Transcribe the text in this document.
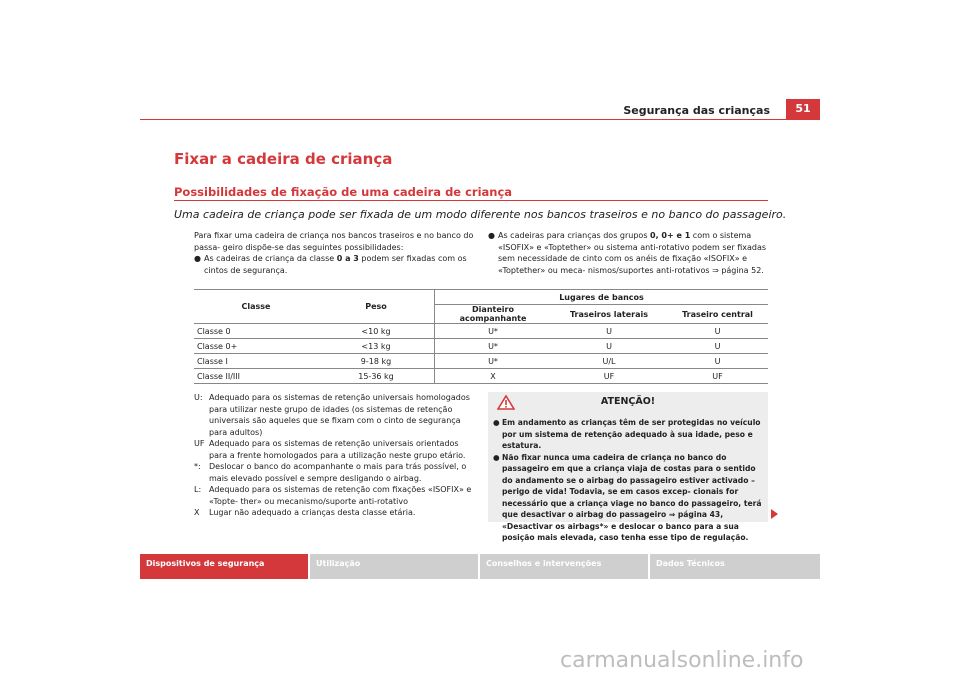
Segurança das crianças	51
Fixar a cadeira de criança
Possibilidades de fixação de uma cadeira de criança
Uma cadeira de criança pode ser fixada de um modo diferente nos bancos traseiros e no banco do passageiro.

Para fixar uma cadeira de criança nos bancos traseiros e no banco do passa- geiro dispõe-se das seguintes possibilidades:

● As cadeiras de criança da classe 0 a 3 podem ser fixadas com os cintos de segurança.
● As cadeiras para crianças dos grupos 0, 0+ e 1 com o sistema «ISOFIX» e «Toptether» ou sistema anti-rotativo podem ser fixadas sem necessidade de cinto com os anéis de fixação «ISOFIX» e «Toptether» ou meca- nismos/suportes anti-rotativos ⇒ página 52.
Classe	Peso	Lugares de bancos		
		Dianteiro acompanhante	Traseiros laterais	Traseiro central
Classe 0	<10 kg	U*	U	U
Classe 0+	<13 kg	U*	U	U
Classe I	9-18 kg	U*	U/L	U
Classe II/III	15-36 kg	X	UF	UF
U: Adequado para os sistemas de retenção universais homologados para utilizar neste grupo de idades (os sistemas de retenção universais são aqueles que se fixam com o cinto de segurança para adultos)
UF Adequado para os sistemas de retenção universais orientados para a frente homologados para a utilização neste grupo etário.
*:	Deslocar o banco do acompanhante o mais para trás possível, o mais elevado possível e sempre desligando o airbag.
L: Adequado para os sistemas de retenção com fixações «ISOFIX» e «Topte- ther» ou mecanismo/suporte anti-rotativo
X	Lugar não adequado a crianças desta classe etária.
ATENÇÃO!
● Em andamento as crianças têm de ser protegidas no veículo por um sistema de retenção adequado à sua idade, peso e estatura.
● Não fixar nunca uma cadeira de criança no banco do passageiro em que a criança viaja de costas para o sentido do andamento se o airbag do passageiro estiver activado – perigo de vida! Todavia, se em casos excep- cionais for necessário que a criança viage no banco do passageiro, terá que desactivar o airbag do passageiro ⇒ página 43, «Desactivar os airbags*» e deslocar o banco para a sua posição mais elevada, caso tenha esse tipo de regulação.
Dispositivos de segurança	Utilização	Conselhos e intervenções	Dados Técnicos
carmanualsonline.info
